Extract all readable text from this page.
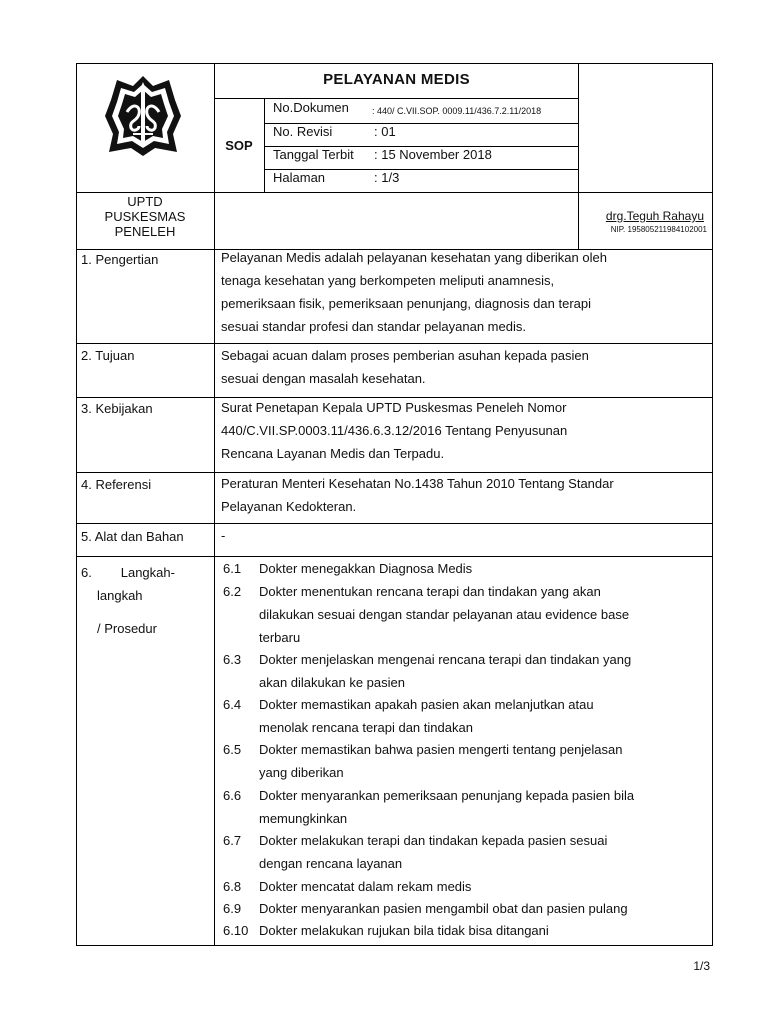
PELAYANAN MEDIS
SOP
No.Dokumen	: 440/ C.VII.SOP. 0009.11/436.7.2.11/2018
No. Revisi	: 01
Tanggal Terbit : 15 November 2018
Halaman	: 1/3
UPTD
PUSKESMAS
PENELEH
drg.Teguh Rahayu
NIP. 195805211984102001
1. Pengertian	Pelayanan Medis adalah pelayanan kesehatan yang diberikan oleh

tenaga kesehatan yang berkompeten meliputi anamnesis,

pemeriksaan fisik, pemeriksaan penunjang, diagnosis dan terapi

sesuai standar profesi dan standar pelayanan medis.

2. Tujuan	Sebagai acuan dalam proses pemberian asuhan kepada pasien

sesuai dengan masalah kesehatan.

3. Kebijakan	Surat Penetapan Kepala UPTD Puskesmas Peneleh Nomor

440/C.VII.SP.0003.11/436.6.3.12/2016 Tentang Penyusunan

Rencana Layanan Medis dan Terpadu.

4. Referensi	Peraturan Menteri Kesehatan No.1438 Tahun 2010 Tentang Standar

Pelayanan Kedokteran.

5. Alat dan Bahan	-

6.        Langkah-
langkah
/ Prosedur
6.1	Dokter menegakkan Diagnosa Medis
6.2	Dokter menentukan rencana terapi dan tindakan yang akan
dilakukan sesuai dengan standar pelayanan atau evidence base
terbaru
6.3	Dokter menjelaskan mengenai rencana terapi dan tindakan yang
akan dilakukan ke pasien
6.4	Dokter memastikan apakah pasien akan melanjutkan atau
menolak rencana terapi dan tindakan
6.5	Dokter memastikan bahwa pasien mengerti tentang penjelasan
yang diberikan
6.6	Dokter menyarankan pemeriksaan penunjang kepada pasien bila
memungkinkan
6.7	Dokter melakukan terapi dan tindakan kepada pasien sesuai
dengan rencana layanan
6.8	Dokter mencatat dalam rekam medis
6.9	Dokter menyarankan pasien mengambil obat dan pasien pulang
6.10 Dokter melakukan rujukan bila tidak bisa ditangani
1/3
